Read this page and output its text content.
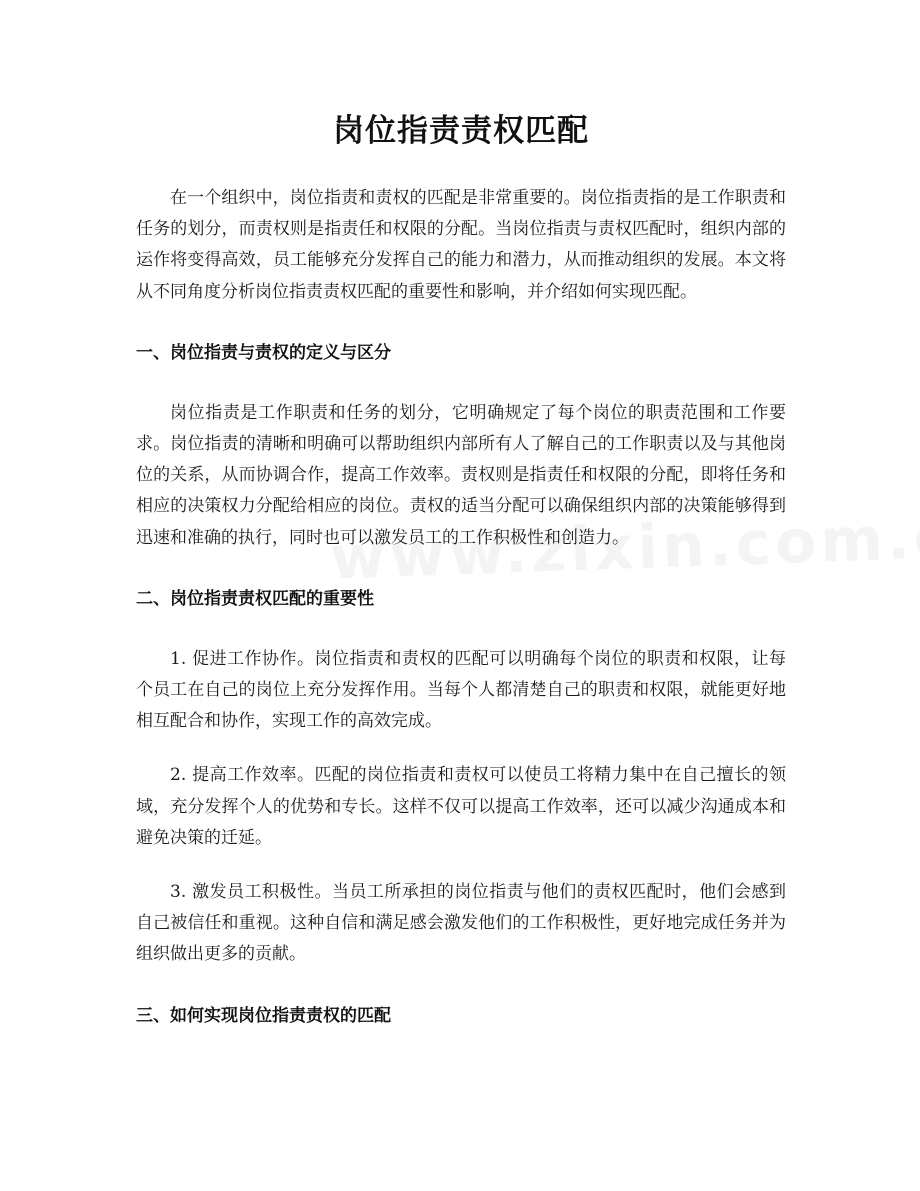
岗位指责责权匹配

在一个组织中，岗位指责和责权的匹配是非常重要的。岗位指责指的是工作职责和任务的划分，而责权则是指责任和权限的分配。当岗位指责与责权匹配时，组织内部的运作将变得高效，员工能够充分发挥自己的能力和潜力，从而推动组织的发展。本文将从不同角度分析岗位指责责权匹配的重要性和影响，并介绍如何实现匹配。

一、岗位指责与责权的定义与区分

岗位指责是工作职责和任务的划分，它明确规定了每个岗位的职责范围和工作要求。岗位指责的清晰和明确可以帮助组织内部所有人了解自己的工作职责以及与其他岗位的关系，从而协调合作，提高工作效率。责权则是指责任和权限的分配，即将任务和相应的决策权力分配给相应的岗位。责权的适当分配可以确保组织内部的决策能够得到迅速和准确的执行，同时也可以激发员工的工作积极性和创造力。

二、岗位指责责权匹配的重要性

1. 促进工作协作。岗位指责和责权的匹配可以明确每个岗位的职责和权限，让每个员工在自己的岗位上充分发挥作用。当每个人都清楚自己的职责和权限，就能更好地相互配合和协作，实现工作的高效完成。

2. 提高工作效率。匹配的岗位指责和责权可以使员工将精力集中在自己擅长的领域，充分发挥个人的优势和专长。这样不仅可以提高工作效率，还可以减少沟通成本和避免决策的迁延。

3. 激发员工积极性。当员工所承担的岗位指责与他们的责权匹配时，他们会感到自己被信任和重视。这种自信和满足感会激发他们的工作积极性，更好地完成任务并为组织做出更多的贡献。

三、如何实现岗位指责责权的匹配
